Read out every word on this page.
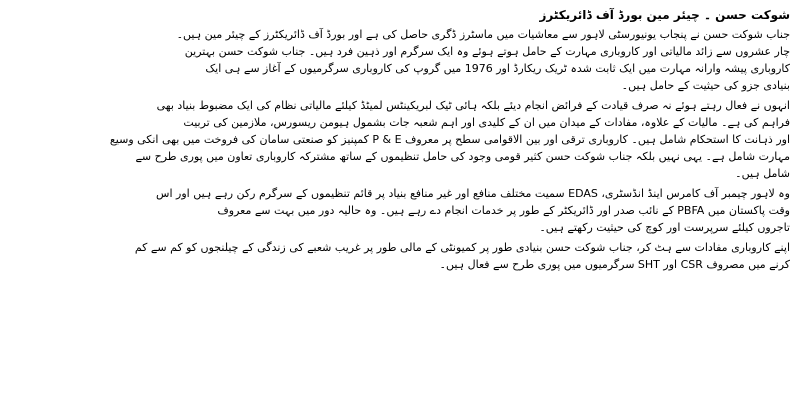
شوکت حسن ۔ چیئر مین بورڈ آف ڈائریکٹرز
جناب شوکت حسن نے پنجاب یونیورسٹی لاہور سے معاشیات میں ماسٹرز ڈگری حاصل کی ہے اور بورڈ آف ڈائریکٹرز کے چیئر مین ہیں۔
چار عشروں سے زائد مالیاتی اور کاروباری مہارت کے حامل ہوتے ہوئے وہ ایک سرگرم اور ذہین فرد ہیں۔ جناب شوکت حسن بہترین
کاروباری پیشہ وارانہ مہارت میں ایک ثابت شدہ ٹریک ریکارڈ اور 1976 میں گروپ کی کاروباری سرگرمیوں کے آغاز سے ہی ایک
بنیادی جزو کی حیثیت کے حامل ہیں۔
انہوں نے فعال رہتے ہوئے نہ صرف قیادت کے فرائض انجام دیئے بلکہ ہائی ٹیک لبریکینٹس لمیٹڈ کیلئے مالیاتی نظام کی ایک مضبوط بنیاد بھی
فراہم کی ہے۔ مالیات کے علاوہ، مفادات کے میدان میں ان کے کلیدی اور اہم شعبہ جات بشمول ہیومن ریسورس، ملازمین کی تربیت
اور ذہانت کا استحکام شامل ہیں۔ کاروباری ترقی اور بین الاقوامی سطح پر معروف P & E کمپنیز کو صنعتی سامان کی فروخت میں بھی انکی وسیع
مہارت شامل ہے۔ یہی نہیں بلکہ جناب شوکت حسن کثیر قومی وجود کی حامل تنظیموں کے ساتھ مشترکہ کاروباری تعاون میں پوری طرح سے
شامل ہیں۔
وہ لاہور چیمبر آف کامرس اینڈ انڈسٹری، EDAS سمیت مختلف منافع اور غیر منافع بنیاد پر قائم تنظیموں کے سرگرم رکن رہے ہیں اور اس
وقت پاکستان میں PBFA کے نائب صدر اور ڈائریکٹر کے طور پر خدمات انجام دے رہے ہیں۔ وہ حالیہ دور میں بہت سے معروف
تاجروں کیلئے سرپرست اور کوچ کی حیثیت رکھتے ہیں۔
اپنے کاروباری مفادات سے ہٹ کر، جناب شوکت حسن بنیادی طور پر کمیونٹی کے مالی طور پر غریب شعبے کی زندگی کے چیلنجوں کو کم سے کم
کرنے میں مصروف CSR اور SHT سرگرمیوں میں پوری طرح سے فعال ہیں۔
